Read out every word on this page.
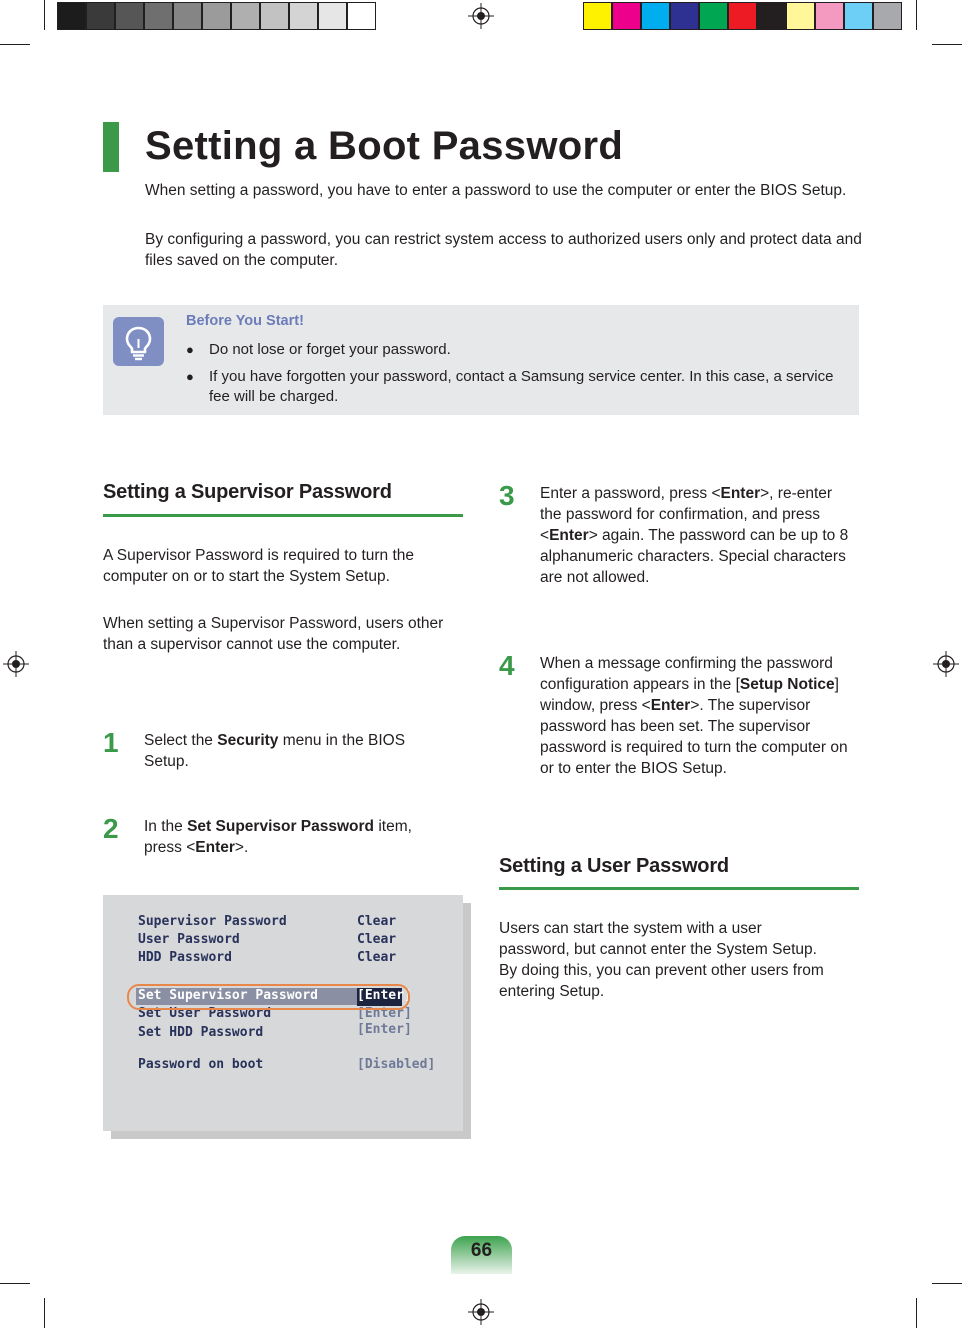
Setting a Boot Password
When setting a password, you have to enter a password to use the computer or enter the BIOS Setup.
By configuring a password, you can restrict system access to authorized users only and protect data and files saved on the computer.
Before You Start!
● Do not lose or forget your password.
● If you have forgotten your password, contact a Samsung service center. In this case, a service fee will be charged.
Setting a Supervisor Password
A Supervisor Password is required to turn the computer on or to start the System Setup.
When setting a Supervisor Password, users other than a supervisor cannot use the computer.
1 Select the Security menu in the BIOS Setup.
2 In the Set Supervisor Password item, press <Enter>.
Supervisor Password	Clear
User Password	Clear
HDD Password	Clear
Set Supervisor Password	[Enter]
Set User Password	[Enter]
Set HDD Password	[Enter]
Password on boot	[Disabled]
3 Enter a password, press <Enter>, re-enter the password for confirmation, and press <Enter> again. The password can be up to 8 alphanumeric characters. Special characters are not allowed.
4 When a message confirming the password configuration appears in the [Setup Notice] window, press <Enter>. The supervisor password has been set. The supervisor password is required to turn the computer on or to enter the BIOS Setup.
Setting a User Password
Users can start the system with a user password, but cannot enter the System Setup. By doing this, you can prevent other users from entering Setup.
66
